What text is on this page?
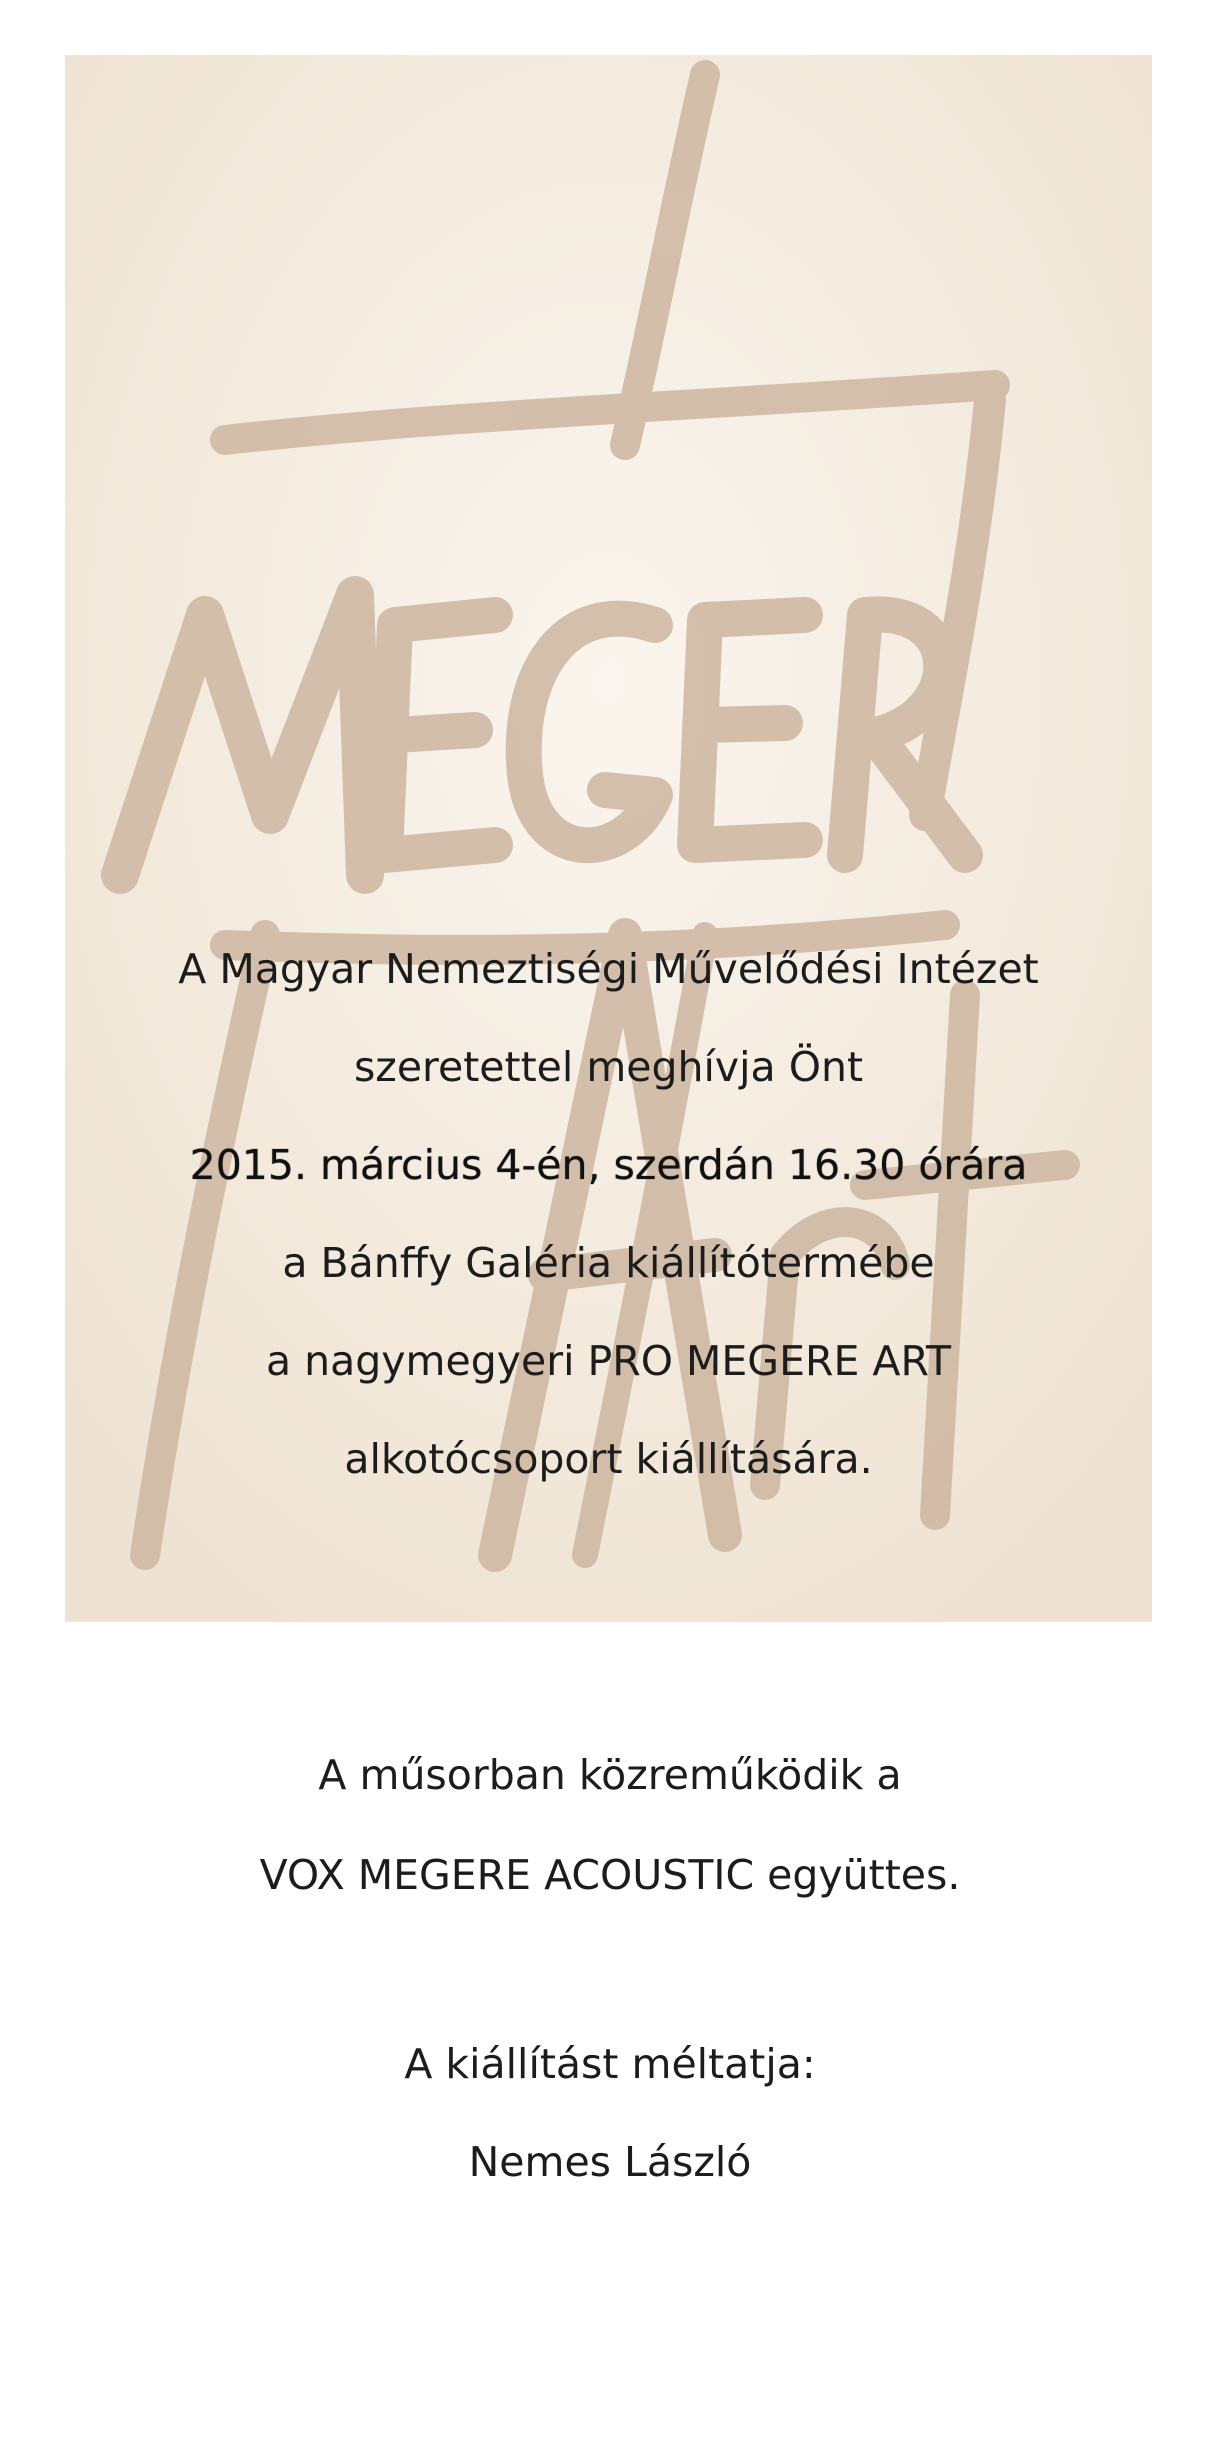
A Magyar Nemeztiségi Művelődési Intézet
szeretettel meghívja Önt
2015. március 4-én, szerdán 16.30 órára
a Bánffy Galéria kiállítótermébe
a nagymegyeri PRO MEGERE ART
alkotócsoport kiállítására.
A műsorban közreműködik a
VOX MEGERE ACOUSTIC együttes.
A kiállítást méltatja:
Nemes László
